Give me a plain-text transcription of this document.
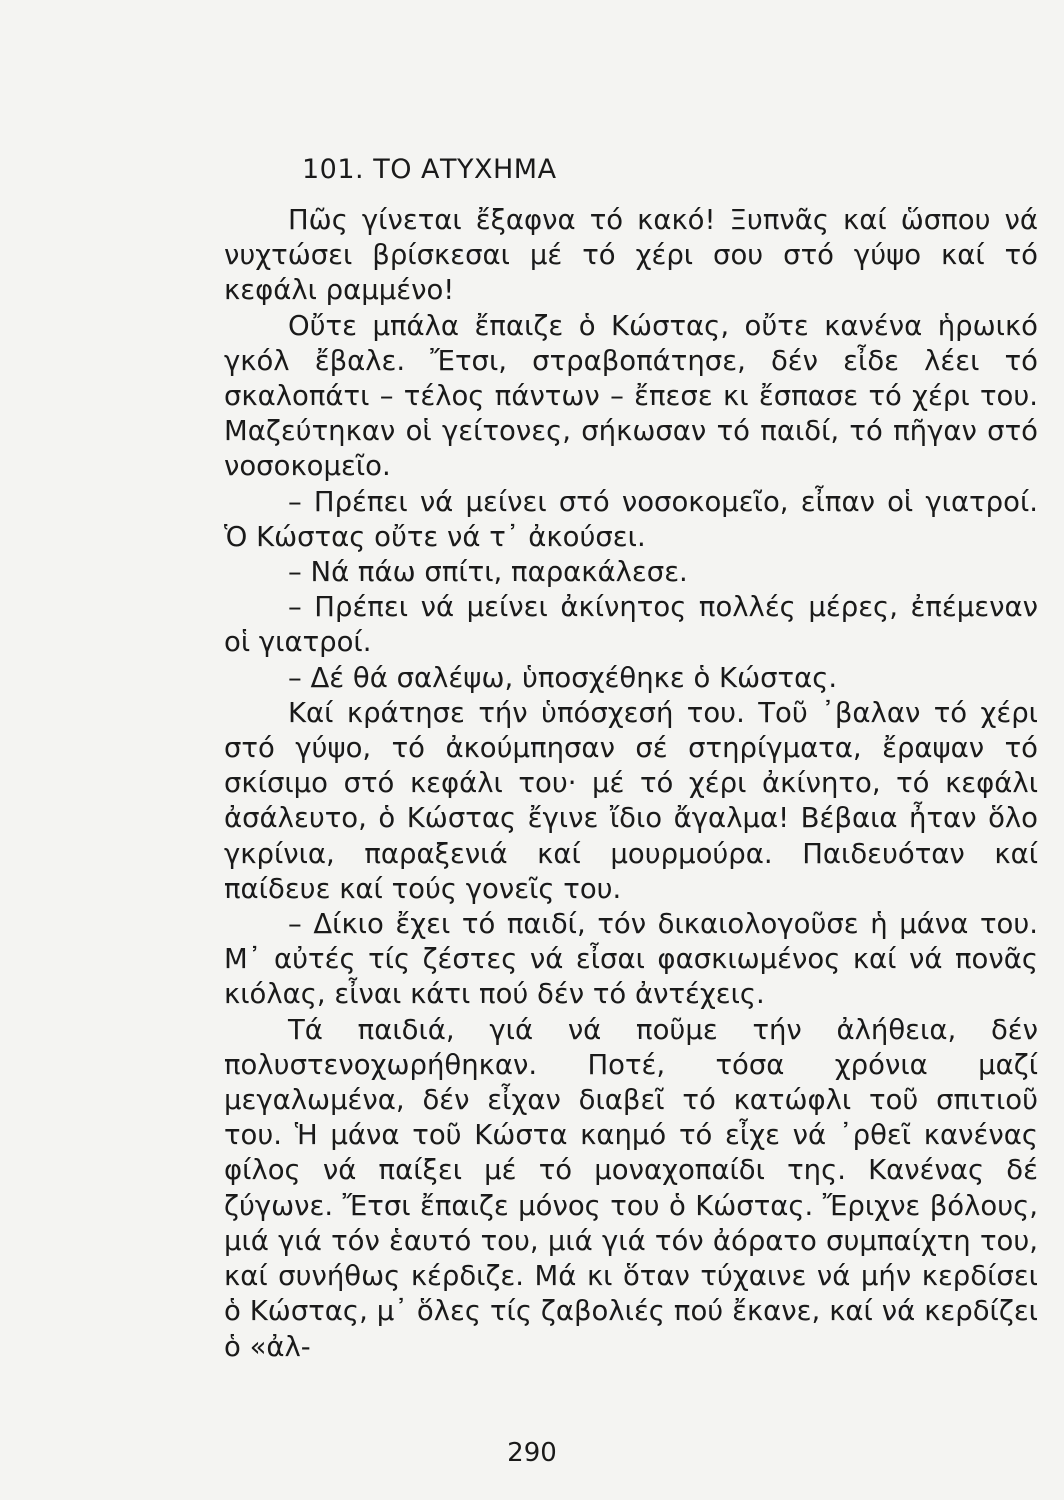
101. ΤΟ ΑΤΥΧΗΜΑ

Πῶς γίνεται ἔξαφνα τό κακό! Ξυπνᾶς καί ὥσπου νά νυχτώσει βρίσκεσαι μέ τό χέρι σου στό γύψο καί τό κεφάλι ραμμένο!

Οὔτε μπάλα ἔπαιζε ὁ Κώστας, οὔτε κανένα ἡρωικό γκόλ ἔβαλε. Ἔτσι, στραβοπάτησε, δέν εἶδε λέει τό σκαλοπάτι – τέλος πάντων – ἔπεσε κι ἔσπασε τό χέρι του. Μαζεύτηκαν οἱ γείτονες, σήκωσαν τό παιδί, τό πῆγαν στό νοσοκομεῖο.

– Πρέπει νά μείνει στό νοσοκομεῖο, εἶπαν οἱ γιατροί. Ὁ Κώστας οὔτε νά τ᾽ ἀκούσει.

– Νά πάω σπίτι, παρακάλεσε.

– Πρέπει νά μείνει ἀκίνητος πολλές μέρες, ἐπέμεναν οἱ γιατροί.

– Δέ θά σαλέψω, ὑποσχέθηκε ὁ Κώστας.

Καί κράτησε τήν ὑπόσχεσή του. Τοῦ ᾽βαλαν τό χέρι στό γύψο, τό ἀκούμπησαν σέ στηρίγματα, ἔραψαν τό σκίσιμο στό κεφάλι του· μέ τό χέρι ἀκίνητο, τό κεφάλι ἀσάλευτο, ὁ Κώστας ἔγινε ἴδιο ἄγαλμα! Βέβαια ἦταν ὅλο γκρίνια, παραξενιά καί μουρμούρα. Παιδευόταν καί παίδευε καί τούς γονεῖς του.

– Δίκιο ἔχει τό παιδί, τόν δικαιολογοῦσε ἡ μάνα του. Μ᾽ αὐτές τίς ζέστες νά εἶσαι φασκιωμένος καί νά πονᾶς κιόλας, εἶναι κάτι πού δέν τό ἀντέχεις.

Τά παιδιά, γιά νά ποῦμε τήν ἀλήθεια, δέν πολυστενοχωρήθηκαν. Ποτέ, τόσα χρόνια μαζί μεγαλωμένα, δέν εἶχαν διαβεῖ τό κατώφλι τοῦ σπιτιοῦ του. Ἡ μάνα τοῦ Κώστα καημό τό εἶχε νά ᾽ρθεῖ κανένας φίλος νά παίξει μέ τό μοναχοπαίδι της. Κανένας δέ ζύγωνε. Ἔτσι ἔπαιζε μόνος του ὁ Κώστας. Ἔριχνε βόλους, μιά γιά τόν ἑαυτό του, μιά γιά τόν ἀόρατο συμπαίχτη του, καί συνήθως κέρδιζε. Μά κι ὅταν τύχαινε νά μήν κερδίσει ὁ Κώστας, μ᾽ ὅλες τίς ζαβολιές πού ἔκανε, καί νά κερδίζει ὁ «ἀλ-

290
